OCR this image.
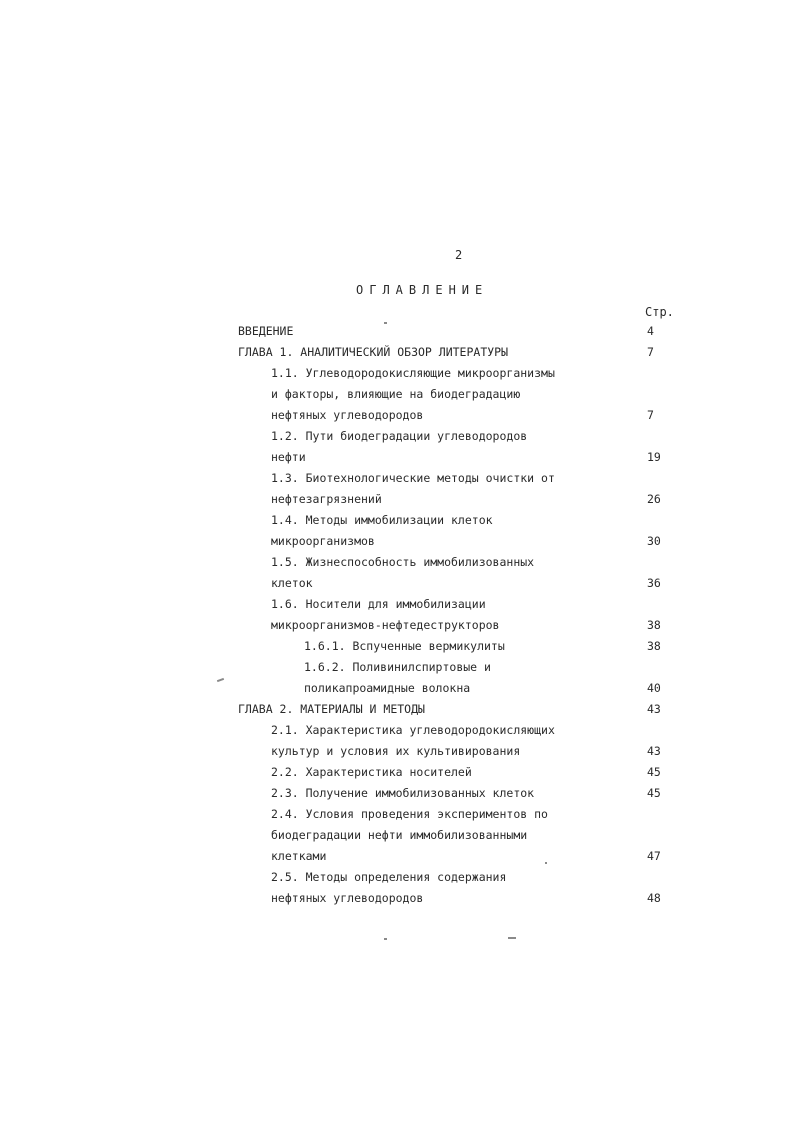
2
ОГЛАВЛЕНИЕ
Стр.
ВВЕДЕНИЕ	4
ГЛАВА 1. АНАЛИТИЧЕСКИЙ ОБЗОР ЛИТЕРАТУРЫ	7
1.1. Углеводородокисляющие микроорганизмы
и факторы, влияющие на биодеградацию
нефтяных углеводородов	7
1.2. Пути биодеградации углеводородов
нефти	19
1.3. Биотехнологические методы очистки от
нефтезагрязнений	26
1.4. Методы иммобилизации клеток
микроорганизмов	30
1.5. Жизнеспособность иммобилизованных
клеток	36
1.6. Носители для иммобилизации
микроорганизмов-нефтедеструкторов	38
1.6.1. Вспученные вермикулиты	38
1.6.2. Поливинилспиртовые и
поликапроамидные волокна	40
ГЛАВА 2. МАТЕРИАЛЫ И МЕТОДЫ	43
2.1. Характеристика углеводородокисляющих
культур и условия их культивирования	43
2.2. Характеристика носителей	45
2.3. Получение иммобилизованных клеток	45
2.4. Условия проведения экспериментов по
биодеградации нефти иммобилизованными
клетками	47
2.5. Методы определения содержания
нефтяных углеводородов	48
